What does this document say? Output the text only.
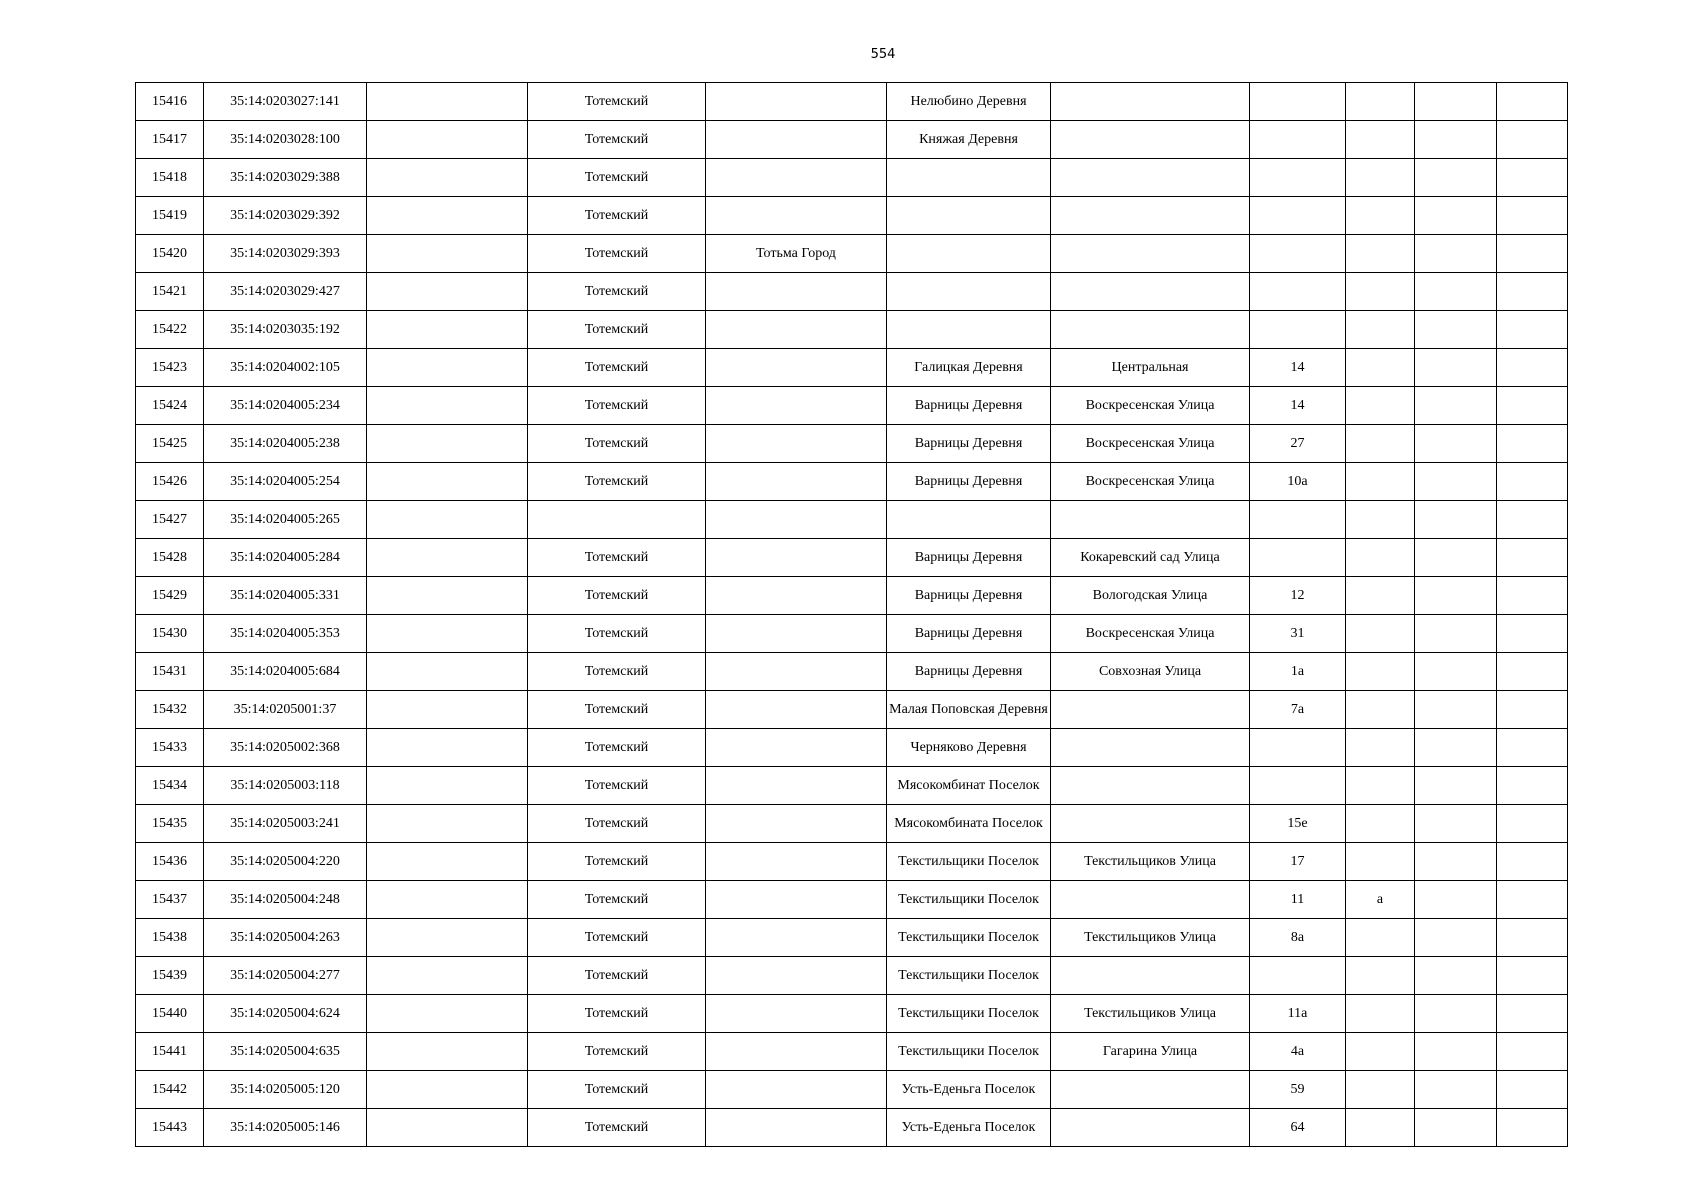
554
15416	35:14:0203027:141		Тотемский		Нелюбино Деревня					
15417	35:14:0203028:100		Тотемский		Княжая Деревня					
15418	35:14:0203029:388		Тотемский							
15419	35:14:0203029:392		Тотемский							
15420	35:14:0203029:393		Тотемский	Тотьма Город						
15421	35:14:0203029:427		Тотемский							
15422	35:14:0203035:192		Тотемский							
15423	35:14:0204002:105		Тотемский		Галицкая Деревня	Центральная	14			
15424	35:14:0204005:234		Тотемский		Варницы Деревня	Воскресенская Улица	14			
15425	35:14:0204005:238		Тотемский		Варницы Деревня	Воскресенская Улица	27			
15426	35:14:0204005:254		Тотемский		Варницы Деревня	Воскресенская Улица	10а			
15427	35:14:0204005:265									
15428	35:14:0204005:284		Тотемский		Варницы Деревня	Кокаревский сад Улица				
15429	35:14:0204005:331		Тотемский		Варницы Деревня	Вологодская Улица	12			
15430	35:14:0204005:353		Тотемский		Варницы Деревня	Воскресенская Улица	31			
15431	35:14:0204005:684		Тотемский		Варницы Деревня	Совхозная Улица	1а			
15432	35:14:0205001:37		Тотемский		Малая Поповская Деревня		7а			
15433	35:14:0205002:368		Тотемский		Черняково Деревня					
15434	35:14:0205003:118		Тотемский		Мясокомбинат Поселок					
15435	35:14:0205003:241		Тотемский		Мясокомбината Поселок		15е			
15436	35:14:0205004:220		Тотемский		Текстильщики Поселок	Текстильщиков Улица	17			
15437	35:14:0205004:248		Тотемский		Текстильщики Поселок		11	а		
15438	35:14:0205004:263		Тотемский		Текстильщики Поселок	Текстильщиков Улица	8а			
15439	35:14:0205004:277		Тотемский		Текстильщики Поселок					
15440	35:14:0205004:624		Тотемский		Текстильщики Поселок	Текстильщиков Улица	11а			
15441	35:14:0205004:635		Тотемский		Текстильщики Поселок	Гагарина Улица	4а			
15442	35:14:0205005:120		Тотемский		Усть-Еденьга Поселок		59			
15443	35:14:0205005:146		Тотемский		Усть-Еденьга Поселок		64			
